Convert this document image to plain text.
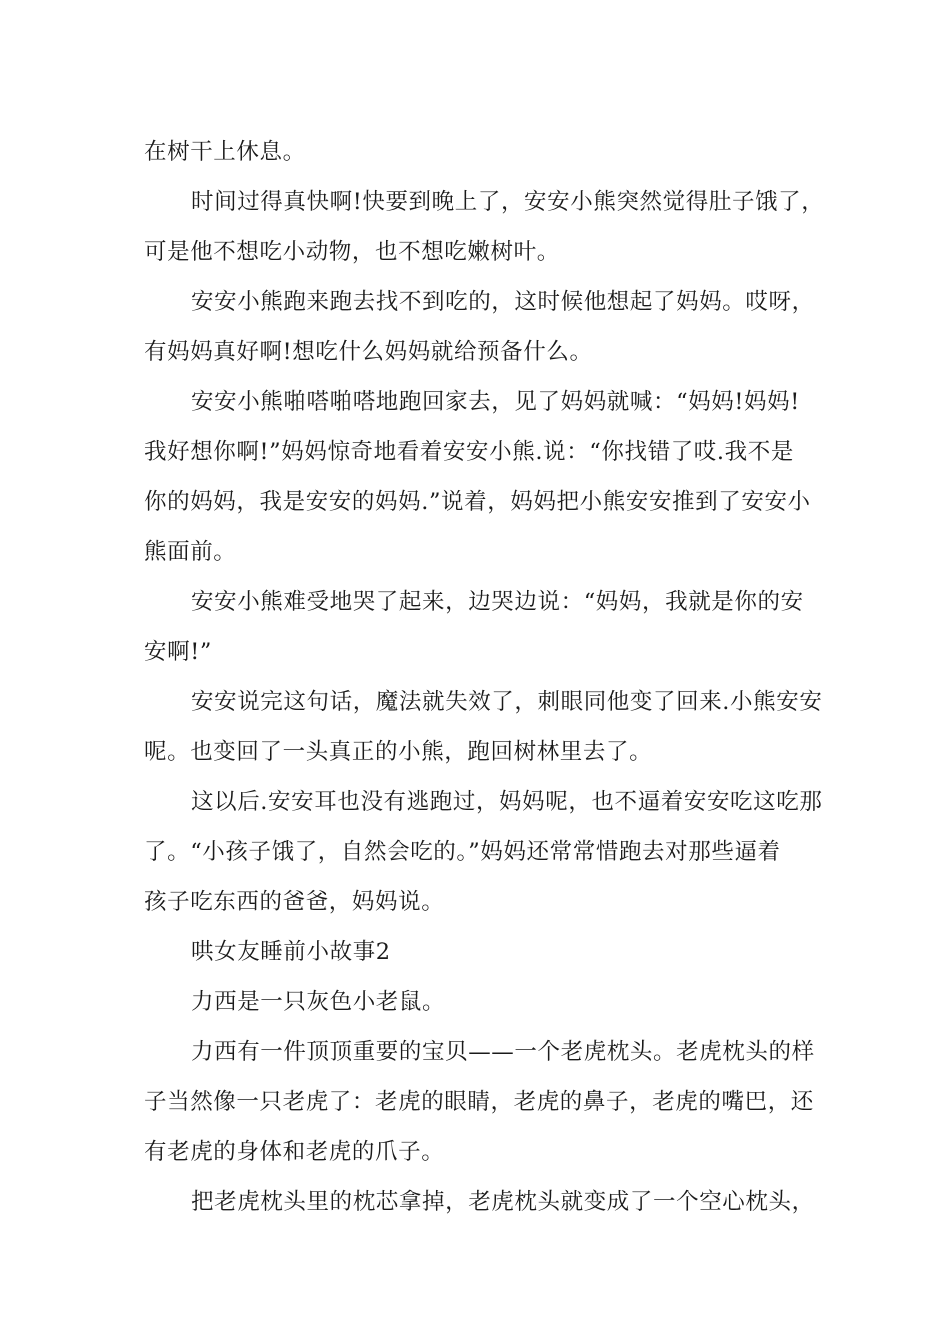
在树干上休息。
时间过得真快啊!快要到晚上了，安安小熊突然觉得肚子饿了，
可是他不想吃小动物，也不想吃嫩树叶。
安安小熊跑来跑去找不到吃的，这时候他想起了妈妈。哎呀，
有妈妈真好啊!想吃什么妈妈就给预备什么。
安安小熊啪嗒啪嗒地跑回家去，见了妈妈就喊：“妈妈!妈妈!
我好想你啊!”妈妈惊奇地看着安安小熊.说：“你找错了哎.我不是
你的妈妈，我是安安的妈妈.”说着，妈妈把小熊安安推到了安安小
熊面前。
安安小熊难受地哭了起来，边哭边说：“妈妈，我就是你的安
安啊!”
安安说完这句话，魔法就失效了，刺眼同他变了回来.小熊安安
呢。也变回了一头真正的小熊，跑回树林里去了。
这以后.安安耳也没有逃跑过，妈妈呢，也不逼着安安吃这吃那
了。“小孩子饿了，自然会吃的。”妈妈还常常惜跑去对那些逼着
孩子吃东西的爸爸，妈妈说。
哄女友睡前小故事2
力西是一只灰色小老鼠。
力西有一件顶顶重要的宝贝——一个老虎枕头。老虎枕头的样
子当然像一只老虎了：老虎的眼睛，老虎的鼻子，老虎的嘴巴，还
有老虎的身体和老虎的爪子。
把老虎枕头里的枕芯拿掉，老虎枕头就变成了一个空心枕头，
